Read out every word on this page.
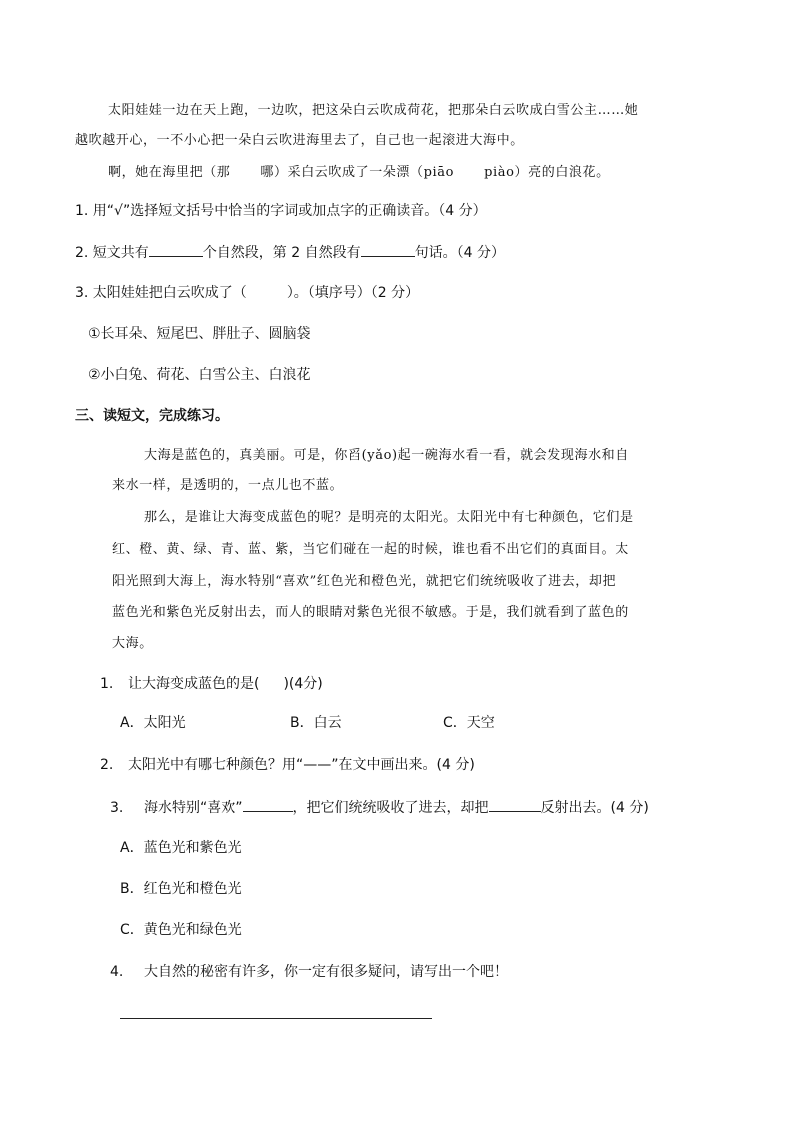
太阳娃娃一边在天上跑，一边吹，把这朵白云吹成荷花，把那朵白云吹成白雪公主……她
越吹越开心，一不小心把一朵白云吹进海里去了，自己也一起滚进大海中。
啊，她在海里把（那 哪）采白云吹成了一朵漂（piāo piào）亮的白浪花。
1. 用“√”选择短文括号中恰当的字词或加点字的正确读音。（4 分）
2. 短文共有	个自然段，第 2 自然段有	句话。（4 分）
3. 太阳娃娃把白云吹成了（	）。（填序号）（2 分）
①长耳朵、短尾巴、胖肚子、圆脑袋
②小白兔、荷花、白雪公主、白浪花
三、读短文，完成练习。
大海是蓝色的，真美丽。可是，你舀(yǎo)起一碗海水看一看，就会发现海水和自
来水一样，是透明的，一点儿也不蓝。
那么，是谁让大海变成蓝色的呢？是明亮的太阳光。太阳光中有七种颜色，它们是
红、橙、黄、绿、青、蓝、紫，当它们碰在一起的时候，谁也看不出它们的真面目。太
阳光照到大海上，海水特别“喜欢”红色光和橙色光，就把它们统统吸收了进去，却把
蓝色光和紫色光反射出去，而人的眼睛对紫色光很不敏感。于是，我们就看到了蓝色的
大海。
1. 让大海变成蓝色的是( )(4分)
A．太阳光	B．白云	C．天空
2. 太阳光中有哪七种颜色？用“——”在文中画出来。(4 分)
3. 海水特别“喜欢”	，把它们统统吸收了进去，却把	反射出去。(4 分)
A．蓝色光和紫色光
B．红色光和橙色光
C．黄色光和绿色光
4. 大自然的秘密有许多，你一定有很多疑问，请写出一个吧！
